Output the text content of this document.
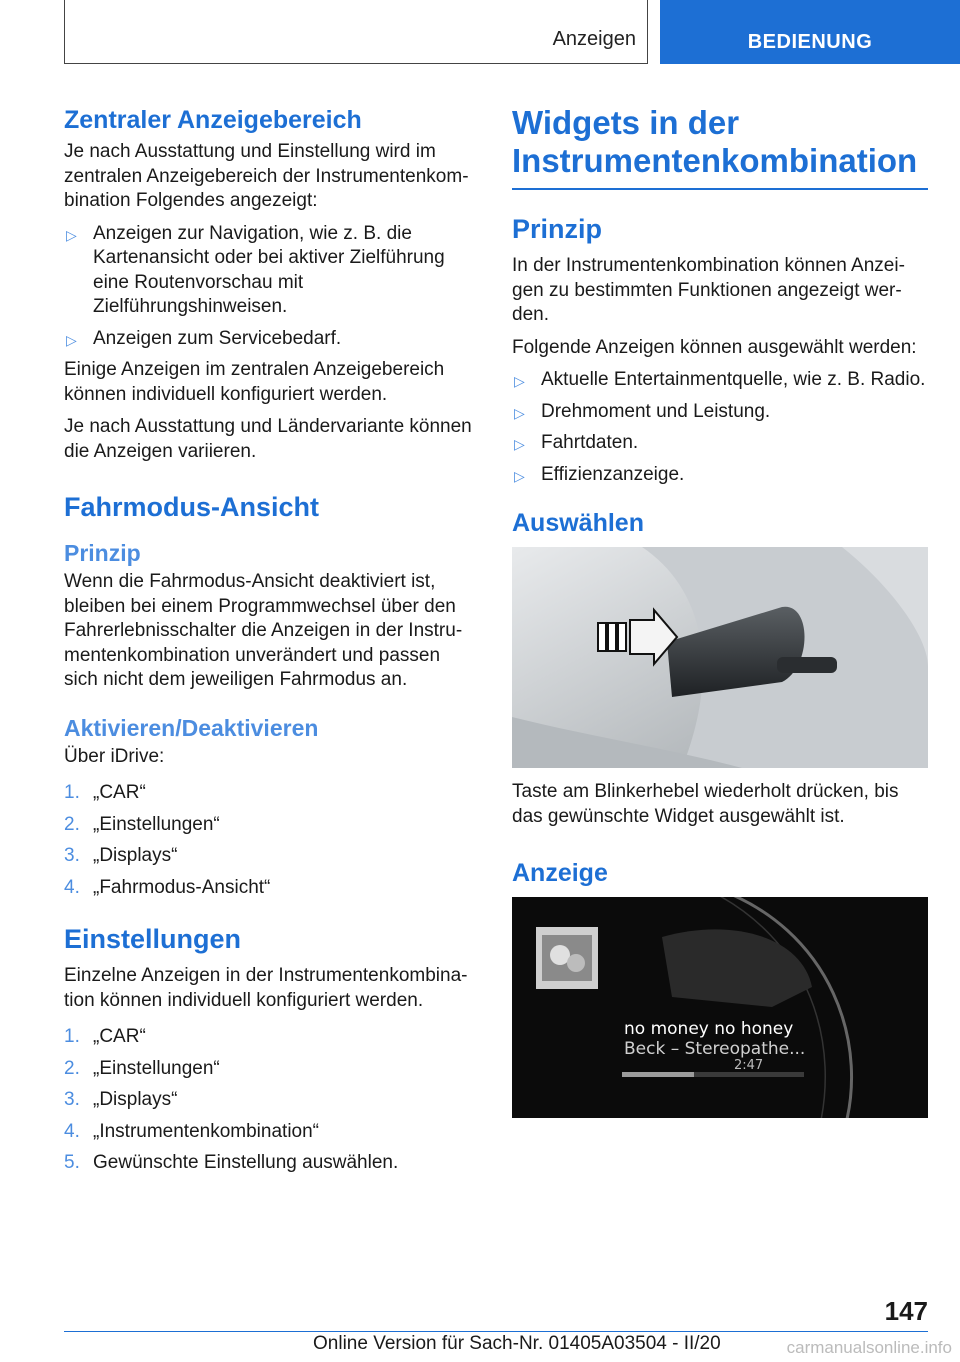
Anzeigen	BEDIENUNG
Zentraler Anzeigebereich

Je nach Ausstattung und Einstellung wird im zentralen Anzeigebereich der Instrumentenkombination Folgendes angezeigt:

▷ Anzeigen zur Navigation, wie z. B. die Kartenansicht oder bei aktiver Zielführung eine Routenvorschau mit Zielführungshinweisen.
▷ Anzeigen zum Servicebedarf.

Einige Anzeigen im zentralen Anzeigebereich können individuell konfiguriert werden.

Je nach Ausstattung und Ländervariante können die Anzeigen variieren.

Fahrmodus-Ansicht
Prinzip

Wenn die Fahrmodus-Ansicht deaktiviert ist, bleiben bei einem Programmwechsel über den Fahrerlebnisschalter die Anzeigen in der Instrumentenkombination unverändert und passen sich nicht dem jeweiligen Fahrmodus an.

Aktivieren/Deaktivieren

Über iDrive:

1. „CAR“
2. „Einstellungen“
3. „Displays“
4. „Fahrmodus-Ansicht“
Einstellungen

Einzelne Anzeigen in der Instrumentenkombination können individuell konfiguriert werden.

1. „CAR“
2. „Einstellungen“
3. „Displays“
4. „Instrumentenkombination“
5. Gewünschte Einstellung auswählen.
Widgets in der Instrumentenkombination
Prinzip

In der Instrumentenkombination können Anzeigen zu bestimmten Funktionen angezeigt werden.

Folgende Anzeigen können ausgewählt werden:

▷ Aktuelle Entertainmentquelle, wie z. B. Radio.
▷ Drehmoment und Leistung.
▷ Fahrtdaten.
▷ Effizienzanzeige.
Auswählen

Taste am Blinkerhebel wiederholt drücken, bis das gewünschte Widget ausgewählt ist.

Anzeige
no money no honey
Beck – Stereopathe...
2:47
147
Online Version für Sach-Nr. 01405A03504 - II/20	carmanualsonline.info
